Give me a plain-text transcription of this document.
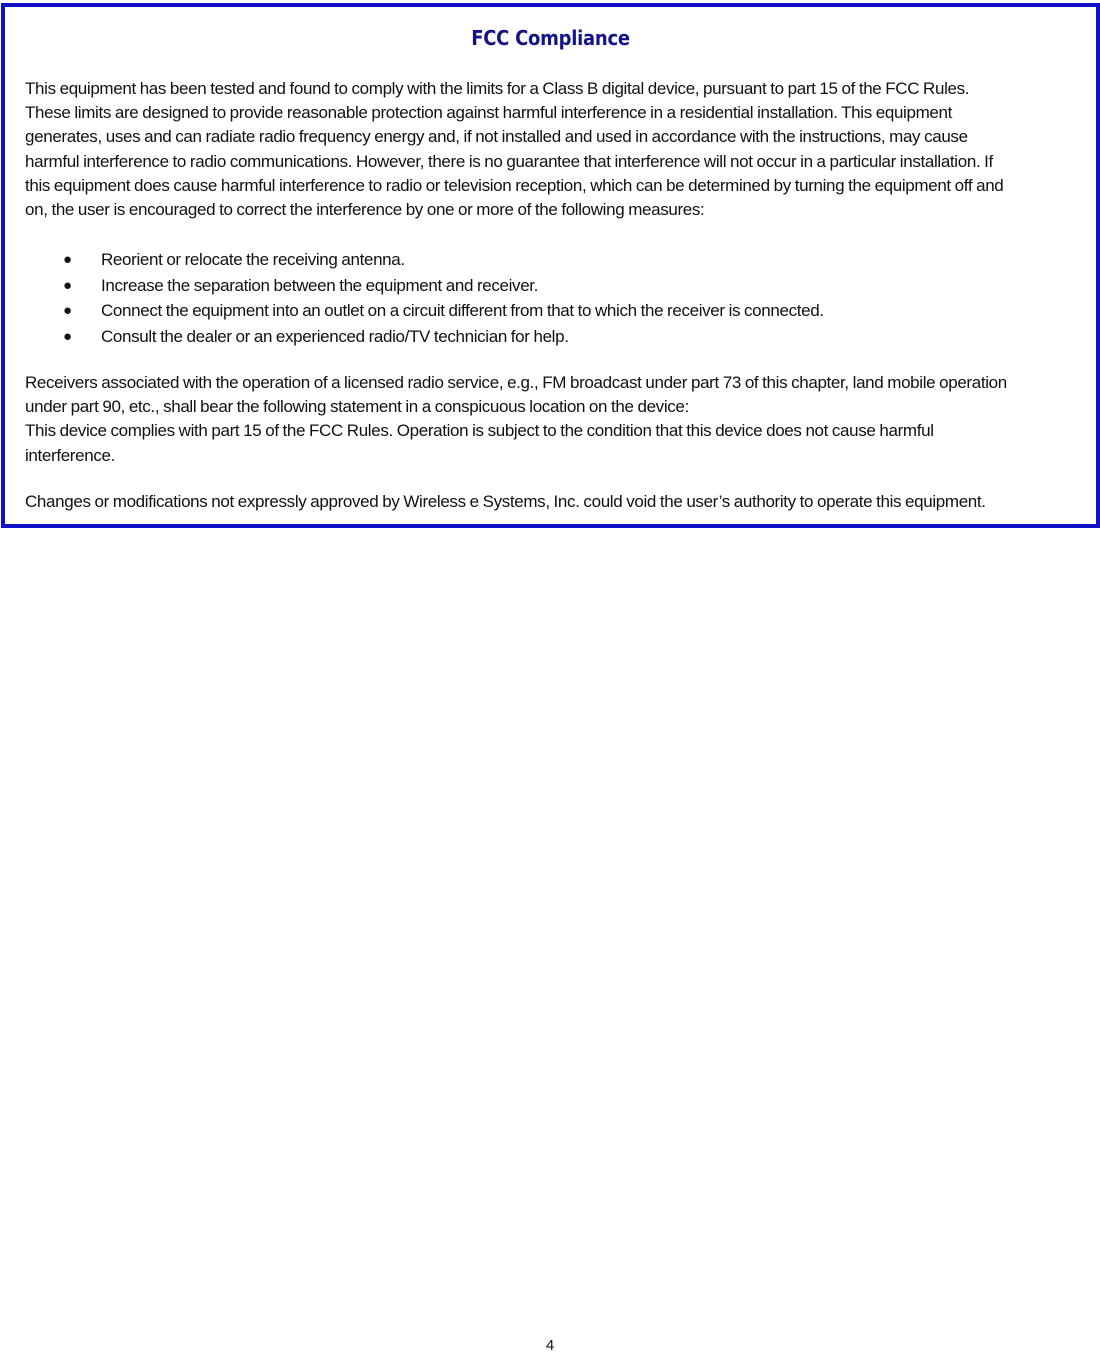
FCC Compliance

This equipment has been tested and found to comply with the limits for a Class B digital device, pursuant to part 15 of the FCC Rules.
These limits are designed to provide reasonable protection against harmful interference in a residential installation. This equipment
generates, uses and can radiate radio frequency energy and, if not installed and used in accordance with the instructions, may cause
harmful interference to radio communications. However, there is no guarantee that interference will not occur in a particular installation. If
this equipment does cause harmful interference to radio or television reception, which can be determined by turning the equipment off and
on, the user is encouraged to correct the interference by one or more of the following measures:

● Reorient or relocate the receiving antenna.
● Increase the separation between the equipment and receiver.
● Connect the equipment into an outlet on a circuit different from that to which the receiver is connected.
● Consult the dealer or an experienced radio/TV technician for help.

Receivers associated with the operation of a licensed radio service, e.g., FM broadcast under part 73 of this chapter, land mobile operation
under part 90, etc., shall bear the following statement in a conspicuous location on the device:
This device complies with part 15 of the FCC Rules. Operation is subject to the condition that this device does not cause harmful
interference.

Changes or modifications not expressly approved by Wireless e Systems, Inc. could void the user’s authority to operate this equipment.

4
